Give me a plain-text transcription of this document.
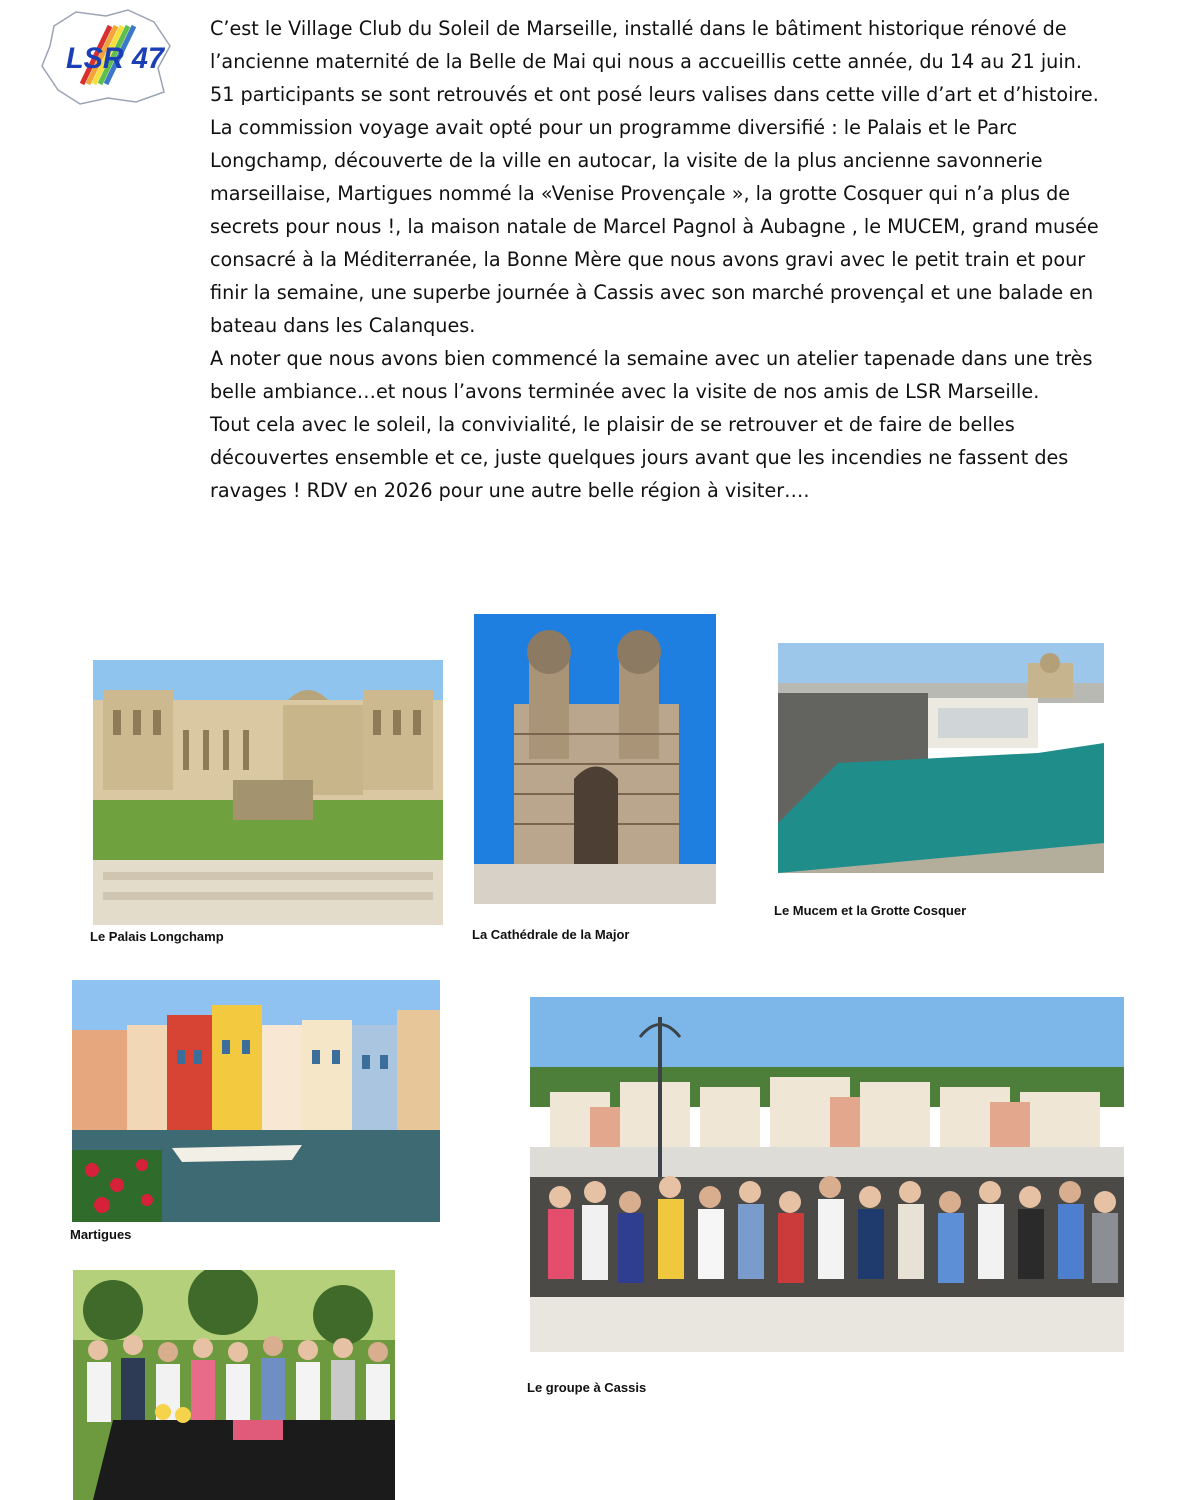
LSR 47

C’est le Village Club du Soleil de Marseille, installé dans le bâtiment historique rénové de l’ancienne maternité de la Belle de Mai qui nous a accueillis cette année, du 14 au 21 juin. 51 participants se sont retrouvés et ont posé leurs valises dans cette ville d’art et d’histoire.

La commission voyage avait opté pour un programme diversifié : le Palais et le Parc Longchamp, découverte de la ville en autocar, la visite de la plus ancienne savonnerie marseillaise, Martigues nommé la «Venise Provençale », la grotte Cosquer qui n’a plus de secrets pour nous !, la maison natale de Marcel Pagnol à Aubagne , le MUCEM, grand musée consacré à la Méditerranée, la Bonne Mère que nous avons gravi avec le petit train et pour finir la semaine, une superbe journée à Cassis avec son marché provençal et une balade en bateau dans les Calanques.

A noter que nous avons bien commencé la semaine avec un atelier tapenade dans une très belle ambiance…et nous l’avons terminée avec la visite de nos amis de LSR Marseille.

Tout cela avec le soleil, la convivialité, le plaisir de se retrouver et de faire de belles découvertes ensemble et ce, juste quelques jours avant que les incendies ne fassent des ravages ! RDV en 2026 pour une autre belle région à visiter….

Le Palais Longchamp	La Cathédrale de la Major
Le Mucem et la Grotte Cosquer
Martigues
Le groupe à Cassis
